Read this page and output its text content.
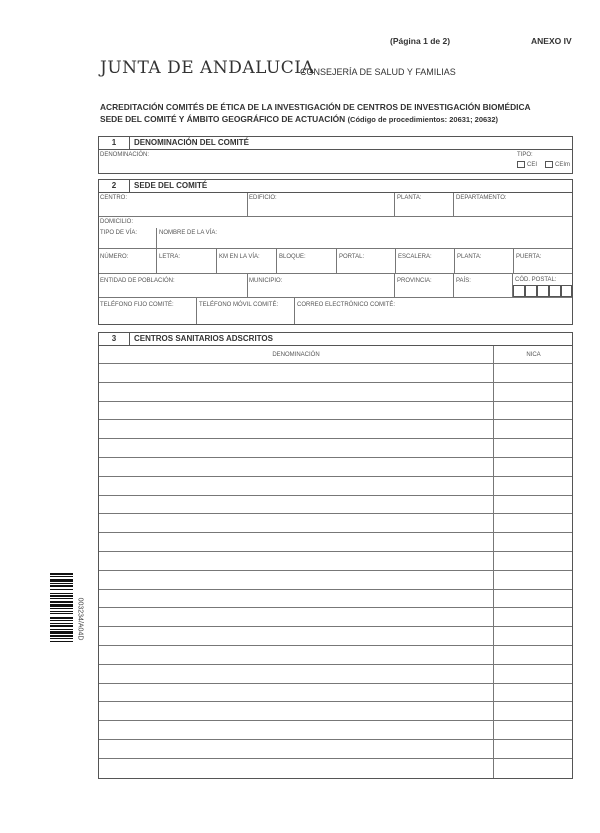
(Página 1 de 2)	ANEXO IV
JUNTA DE ANDALUCIA
CONSEJERÍA DE SALUD Y FAMILIAS
ACREDITACIÓN COMITÉS DE ÉTICA DE LA INVESTIGACIÓN DE CENTROS DE INVESTIGACIÓN BIOMÉDICA
SEDE DEL COMITÉ Y ÁMBITO GEOGRÁFICO DE ACTUACIÓN (Código de procedimientos: 20631; 20632)
1	DENOMINACIÓN DEL COMITÉ
DENOMINACIÓN:	TIPO:
CEI	CEIm
2	SEDE DEL COMITÉ
CENTRO:	EDIFICIO:	PLANTA:	DEPARTAMENTO:
DOMICILIO:
TIPO DE VÍA:	NOMBRE DE LA VÍA:
NÚMERO:	LETRA:	KM EN LA VÍA:	BLOQUE:	PORTAL:	ESCALERA:	PLANTA:	PUERTA:
ENTIDAD DE POBLACIÓN:	MUNICIPIO:	PROVINCIA:	PAÍS:	CÓD. POSTAL:
TELÉFONO FIJO COMITÉ:	TELÉFONO MÓVIL COMITÉ:	CORREO ELECTRÓNICO COMITÉ:
3	CENTROS SANITARIOS ADSCRITOS
DENOMINACIÓN	NICA
003234/A04D
